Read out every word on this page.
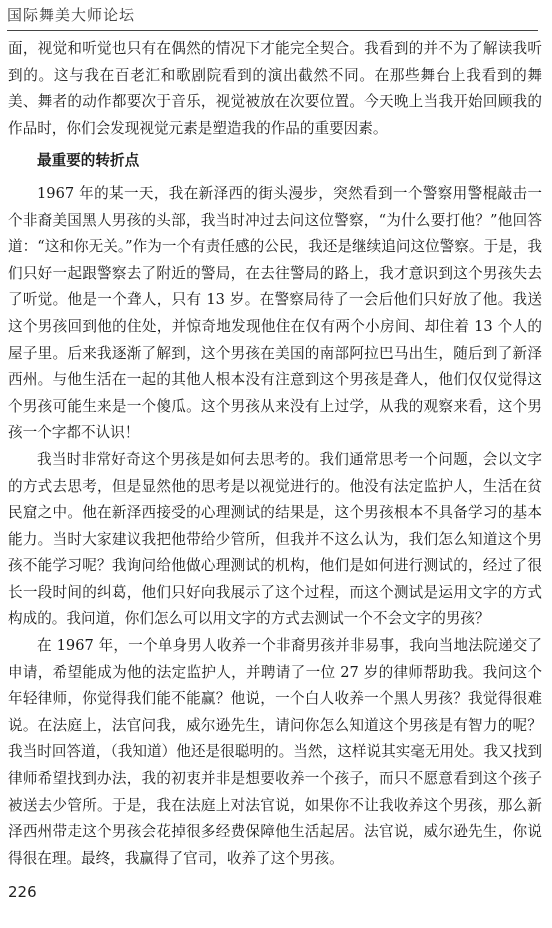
国际舞美大师论坛

面，视觉和听觉也只有在偶然的情况下才能完全契合。我看到的并不为了解读我听到的。这与我在百老汇和歌剧院看到的演出截然不同。在那些舞台上我看到的舞美、舞者的动作都要次于音乐，视觉被放在次要位置。今天晚上当我开始回顾我的作品时，你们会发现视觉元素是塑造我的作品的重要因素。

最重要的转折点

1967 年的某一天，我在新泽西的街头漫步，突然看到一个警察用警棍敲击一个非裔美国黑人男孩的头部，我当时冲过去问这位警察，“为什么要打他？”他回答道：“这和你无关。”作为一个有责任感的公民，我还是继续追问这位警察。于是，我们只好一起跟警察去了附近的警局，在去往警局的路上，我才意识到这个男孩失去了听觉。他是一个聋人，只有 13 岁。在警察局待了一会后他们只好放了他。我送这个男孩回到他的住处，并惊奇地发现他住在仅有两个小房间、却住着 13 个人的屋子里。后来我逐渐了解到，这个男孩在美国的南部阿拉巴马出生，随后到了新泽西州。与他生活在一起的其他人根本没有注意到这个男孩是聋人，他们仅仅觉得这个男孩可能生来是一个傻瓜。这个男孩从来没有上过学，从我的观察来看，这个男孩一个字都不认识！

我当时非常好奇这个男孩是如何去思考的。我们通常思考一个问题，会以文字的方式去思考，但是显然他的思考是以视觉进行的。他没有法定监护人，生活在贫民窟之中。他在新泽西接受的心理测试的结果是，这个男孩根本不具备学习的基本能力。当时大家建议我把他带给少管所，但我并不这么认为，我们怎么知道这个男孩不能学习呢？我询问给他做心理测试的机构，他们是如何进行测试的，经过了很长一段时间的纠葛，他们只好向我展示了这个过程，而这个测试是运用文字的方式构成的。我问道，你们怎么可以用文字的方式去测试一个不会文字的男孩？

在 1967 年，一个单身男人收养一个非裔男孩并非易事，我向当地法院递交了申请，希望能成为他的法定监护人，并聘请了一位 27 岁的律师帮助我。我问这个年轻律师，你觉得我们能不能赢？他说，一个白人收养一个黑人男孩？我觉得很难说。在法庭上，法官问我，威尔逊先生，请问你怎么知道这个男孩是有智力的呢？我当时回答道，（我知道）他还是很聪明的。当然，这样说其实毫无用处。我又找到律师希望找到办法，我的初衷并非是想要收养一个孩子，而只不愿意看到这个孩子被送去少管所。于是，我在法庭上对法官说，如果你不让我收养这个男孩，那么新泽西州带走这个男孩会花掉很多经费保障他生活起居。法官说，威尔逊先生，你说得很在理。最终，我赢得了官司，收养了这个男孩。

226
